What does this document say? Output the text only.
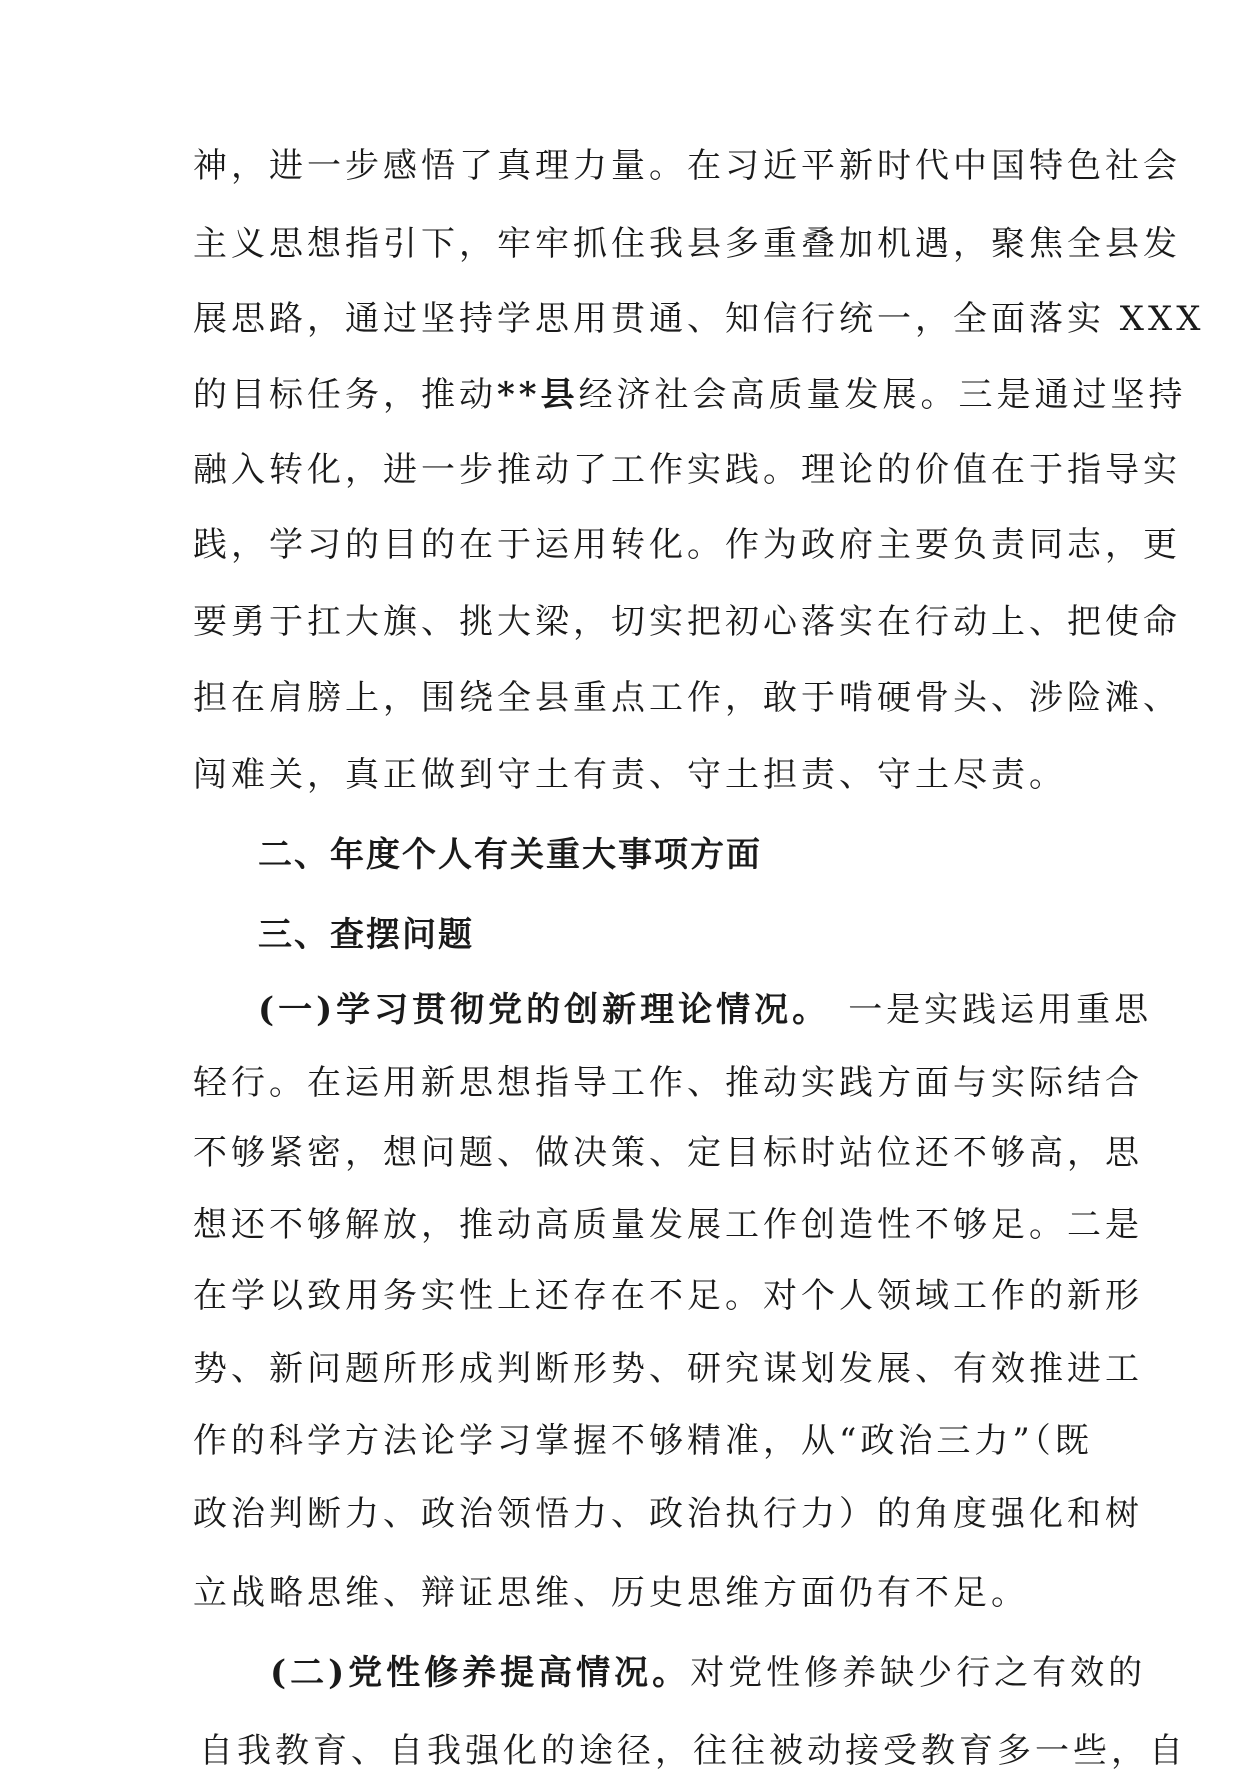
神，进一步感悟了真理力量。在习近平新时代中国特色社会
主义思想指引下，牢牢抓住我县多重叠加机遇，聚焦全县发
展思路，通过坚持学思用贯通、知信行统一，全面落实 XXX
的目标任务，推动**县经济社会高质量发展。三是通过坚持
融入转化，进一步推动了工作实践。理论的价值在于指导实
践，学习的目的在于运用转化。作为政府主要负责同志，更
要勇于扛大旗、挑大梁，切实把初心落实在行动上、把使命
担在肩膀上，围绕全县重点工作，敢于啃硬骨头、涉险滩、
闯难关，真正做到守土有责、守土担责、守土尽责。
二、年度个人有关重大事项方面
三、查摆问题
(一)学习贯彻党的创新理论情况。 一是实践运用重思
轻行。在运用新思想指导工作、推动实践方面与实际结合
不够紧密，想问题、做决策、定目标时站位还不够高，思
想还不够解放，推动高质量发展工作创造性不够足。二是
在学以致用务实性上还存在不足。对个人领域工作的新形
势、新问题所形成判断形势、研究谋划发展、有效推进工
作的科学方法论学习掌握不够精准，从“政治三力”（既
政治判断力、政治领悟力、政治执行力）的角度强化和树
立战略思维、辩证思维、历史思维方面仍有不足。
(二)党性修养提高情况。对党性修养缺少行之有效的
自我教育、自我强化的途径，往往被动接受教育多一些，自
